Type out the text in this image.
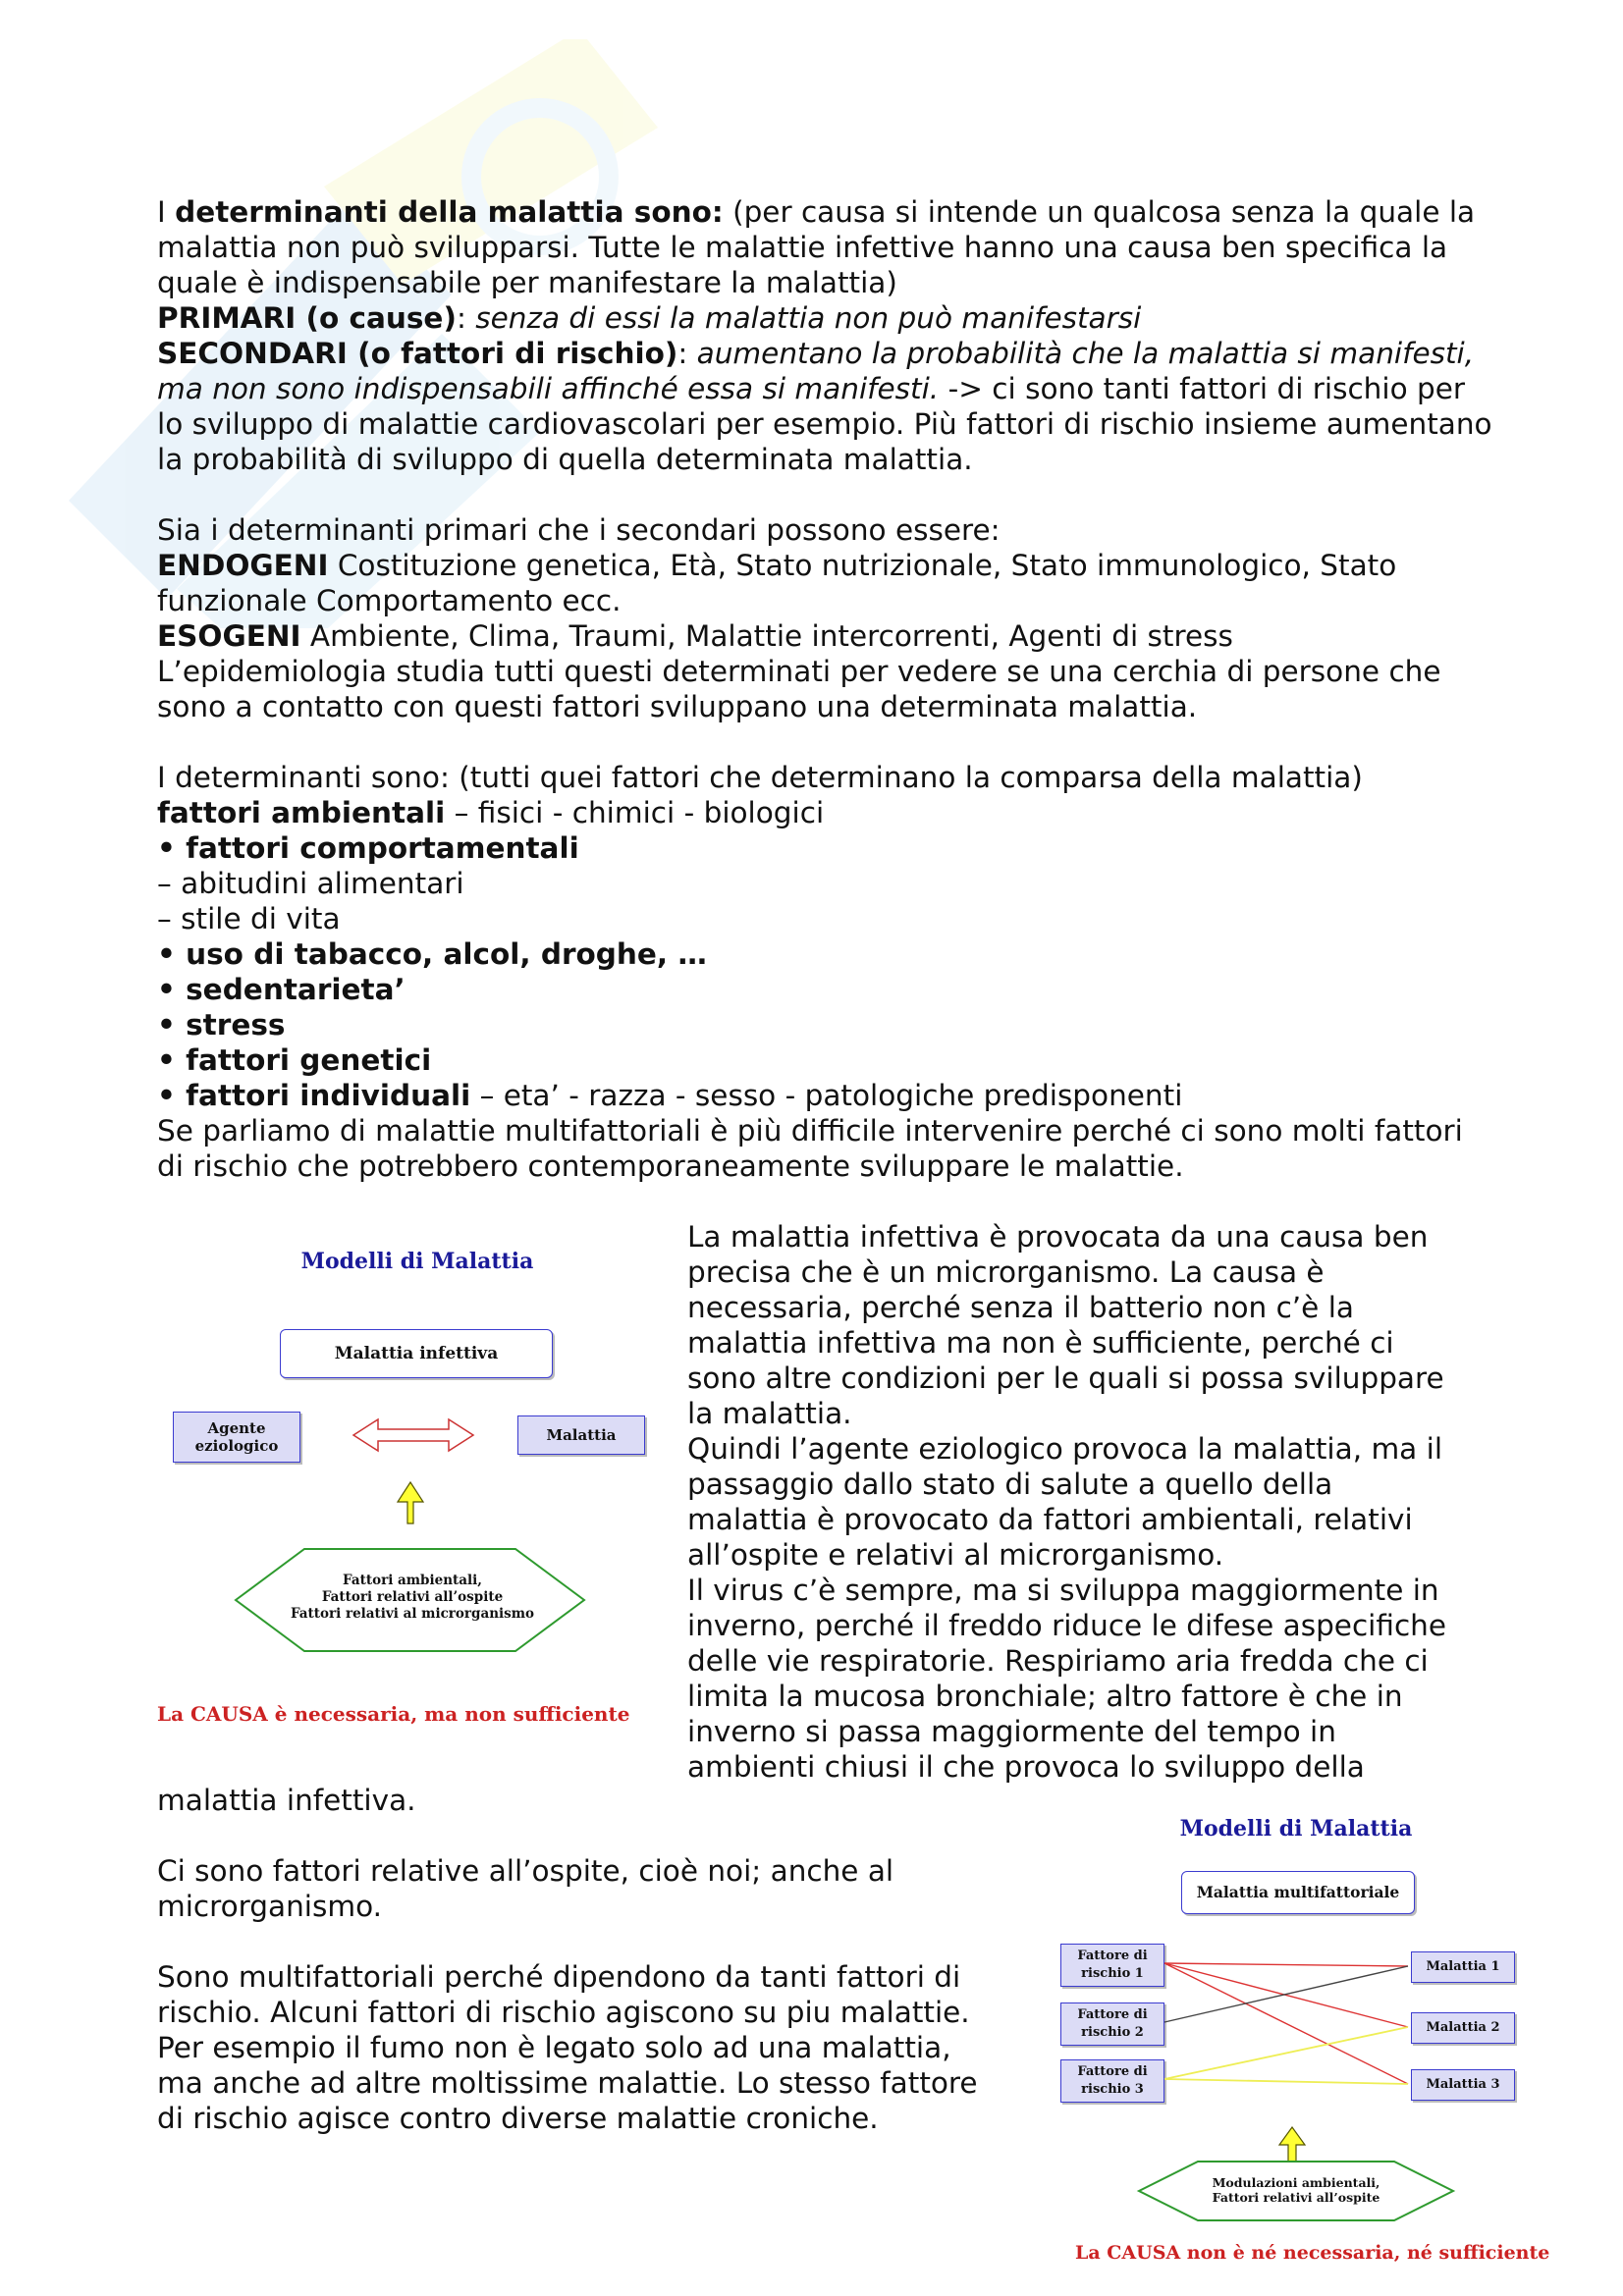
I determinanti della malattia sono: (per causa si intende un qualcosa senza la quale la malattia non può svilupparsi. Tutte le malattie infettive hanno una causa ben specifica la quale è indispensabile per manifestare la malattia)

PRIMARI (o cause): senza di essi la malattia non può manifestarsi

SECONDARI (o fattori di rischio): aumentano la probabilità che la malattia si manifesti, ma non sono indispensabili affinché essa si manifesti. -> ci sono tanti fattori di rischio per lo sviluppo di malattie cardiovascolari per esempio. Più fattori di rischio insieme aumentano la probabilità di sviluppo di quella determinata malattia.

Sia i determinanti primari che i secondari possono essere:

ENDOGENI Costituzione genetica, Età, Stato nutrizionale, Stato immunologico, Stato funzionale Comportamento ecc.

ESOGENI Ambiente, Clima, Traumi, Malattie intercorrenti, Agenti di stress

L’epidemiologia studia tutti questi determinati per vedere se una cerchia di persone che sono a contatto con questi fattori sviluppano una determinata malattia.

I determinanti sono: (tutti quei fattori che determinano la comparsa della malattia)

fattori ambientali – fisici - chimici - biologici

• fattori comportamentali

– abitudini alimentari

– stile di vita

• uso di tabacco, alcol, droghe, …

• sedentarieta’

• stress

• fattori genetici

• fattori individuali – eta’ - razza - sesso - patologiche predisponenti

Se parliamo di malattie multifattoriali è più difficile intervenire perché ci sono molti fattori di rischio che potrebbero contemporaneamente sviluppare le malattie.

Modelli di Malattia
Malattia infettiva
Agente eziologico
Malattia
Fattori ambientali,
Fattori relativi all’ospite
Fattori relativi al microrganismo
La CAUSA è necessaria, ma non sufficiente

La malattia infettiva è provocata da una causa ben

precisa che è un microrganismo. La causa è

necessaria, perché senza il batterio non c’è la

malattia infettiva ma non è sufficiente, perché ci

sono altre condizioni per le quali si possa sviluppare

la malattia.

Quindi l’agente eziologico provoca la malattia, ma il

passaggio dallo stato di salute a quello della

malattia è provocato da fattori ambientali, relativi

all’ospite e relativi al microrganismo.

Il virus c’è sempre, ma si sviluppa maggiormente in

inverno, perché il freddo riduce le difese aspecifiche

delle vie respiratorie. Respiriamo aria fredda che ci

limita la mucosa bronchiale; altro fattore è che in

inverno si passa maggiormente del tempo in

ambienti chiusi il che provoca lo sviluppo della

malattia infettiva.

Ci sono fattori relative all’ospite, cioè noi; anche al

microrganismo.

Sono multifattoriali perché dipendono da tanti fattori di

rischio. Alcuni fattori di rischio agiscono su piu malattie.

Per esempio il fumo non è legato solo ad una malattia,

ma anche ad altre moltissime malattie. Lo stesso fattore

di rischio agisce contro diverse malattie croniche.

Modelli di Malattia
Malattia multifattoriale
Fattore di rischio 1
Fattore di rischio 2
Fattore di rischio 3
Malattia 1
Malattia 2
Malattia 3
Modulazioni ambientali,
Fattori relativi all’ospite
La CAUSA non è né necessaria, né sufficiente
